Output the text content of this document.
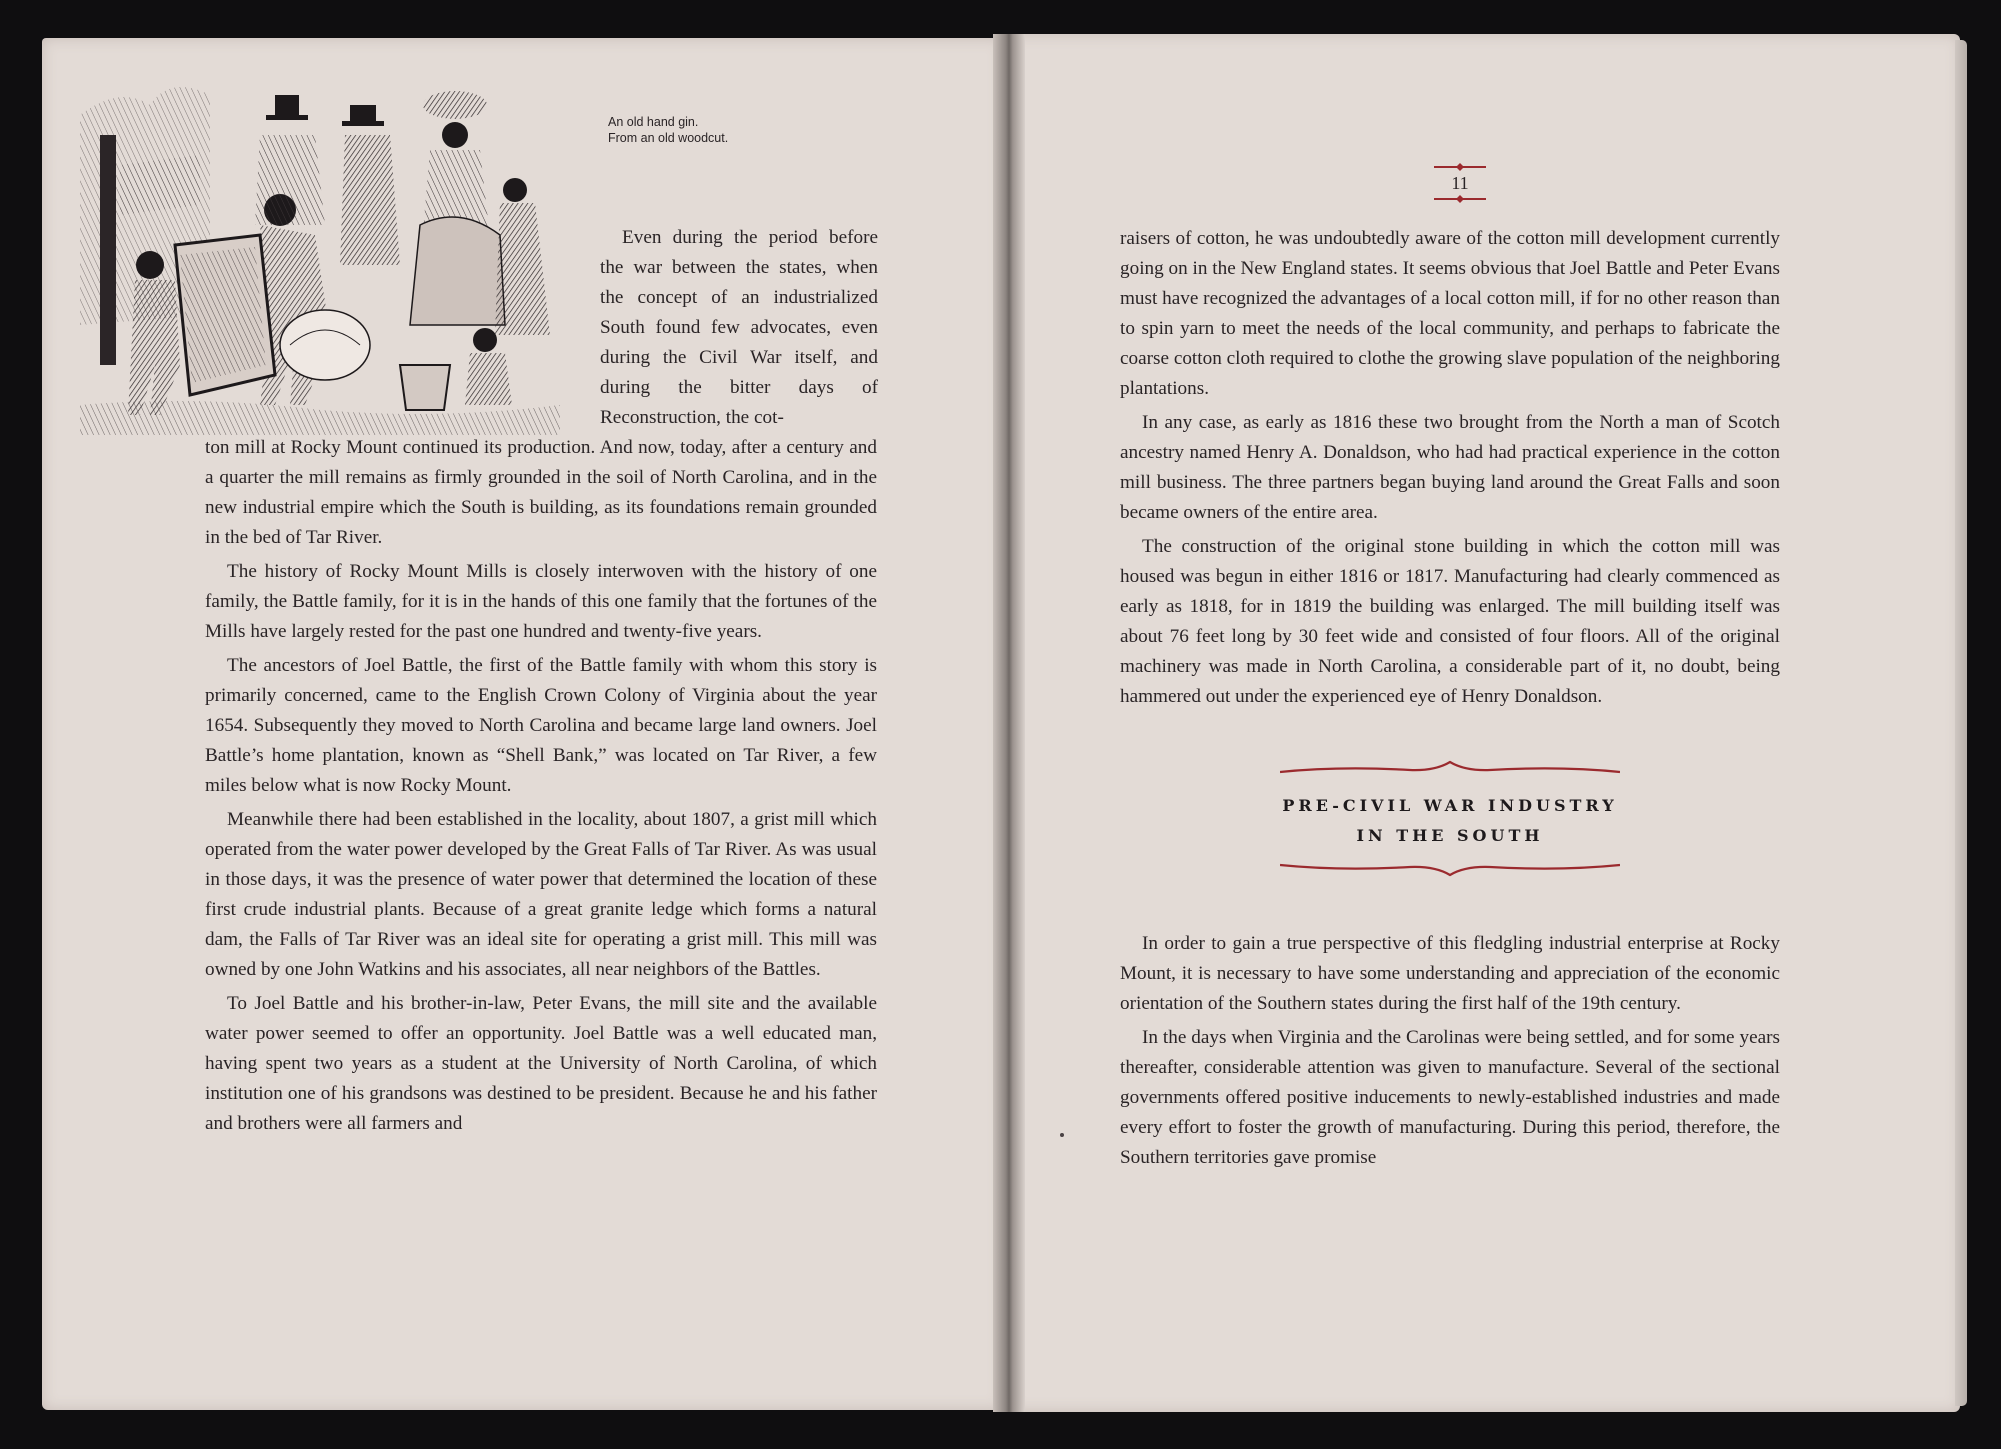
An old hand gin.
From an old woodcut.

Even during the period before the war between the states, when the concept of an industrialized South found few advocates, even during the Civil War itself, and during the bitter days of Reconstruction, the cot-

ton mill at Rocky Mount continued its production. And now, today, after a century and a quarter the mill remains as firmly grounded in the soil of North Carolina, and in the new industrial empire which the South is building, as its foundations remain grounded in the bed of Tar River.

The history of Rocky Mount Mills is closely interwoven with the history of one family, the Battle family, for it is in the hands of this one family that the fortunes of the Mills have largely rested for the past one hundred and twenty-five years.

The ancestors of Joel Battle, the first of the Battle family with whom this story is primarily concerned, came to the English Crown Colony of Virginia about the year 1654. Subsequently they moved to North Carolina and became large land owners. Joel Battle’s home plantation, known as “Shell Bank,” was located on Tar River, a few miles below what is now Rocky Mount.

Meanwhile there had been established in the locality, about 1807, a grist mill which operated from the water power developed by the Great Falls of Tar River. As was usual in those days, it was the presence of water power that determined the location of these first crude industrial plants. Because of a great granite ledge which forms a natural dam, the Falls of Tar River was an ideal site for operating a grist mill. This mill was owned by one John Watkins and his associates, all near neighbors of the Battles.

To Joel Battle and his brother-in-law, Peter Evans, the mill site and the available water power seemed to offer an opportunity. Joel Battle was a well educated man, having spent two years as a student at the University of North Carolina, of which institution one of his grandsons was destined to be president. Because he and his father and brothers were all farmers and

11

raisers of cotton, he was undoubtedly aware of the cotton mill development currently going on in the New England states. It seems obvious that Joel Battle and Peter Evans must have recognized the advantages of a local cotton mill, if for no other reason than to spin yarn to meet the needs of the local community, and perhaps to fabricate the coarse cotton cloth required to clothe the growing slave population of the neighboring plantations.

In any case, as early as 1816 these two brought from the North a man of Scotch ancestry named Henry A. Donaldson, who had had practical experience in the cotton mill business. The three partners began buying land around the Great Falls and soon became owners of the entire area.

The construction of the original stone building in which the cotton mill was housed was begun in either 1816 or 1817. Manufacturing had clearly commenced as early as 1818, for in 1819 the building was enlarged. The mill building itself was about 76 feet long by 30 feet wide and consisted of four floors. All of the original machinery was made in North Carolina, a considerable part of it, no doubt, being hammered out under the experienced eye of Henry Donaldson.

PRE-CIVIL WAR INDUSTRY
IN THE SOUTH

In order to gain a true perspective of this fledgling industrial enterprise at Rocky Mount, it is necessary to have some understanding and appreciation of the economic orientation of the Southern states during the first half of the 19th century.

In the days when Virginia and the Carolinas were being settled, and for some years thereafter, considerable attention was given to manufacture. Several of the sectional governments offered positive inducements to newly-established industries and made every effort to foster the growth of manufacturing. During this period, therefore, the Southern territories gave promise
